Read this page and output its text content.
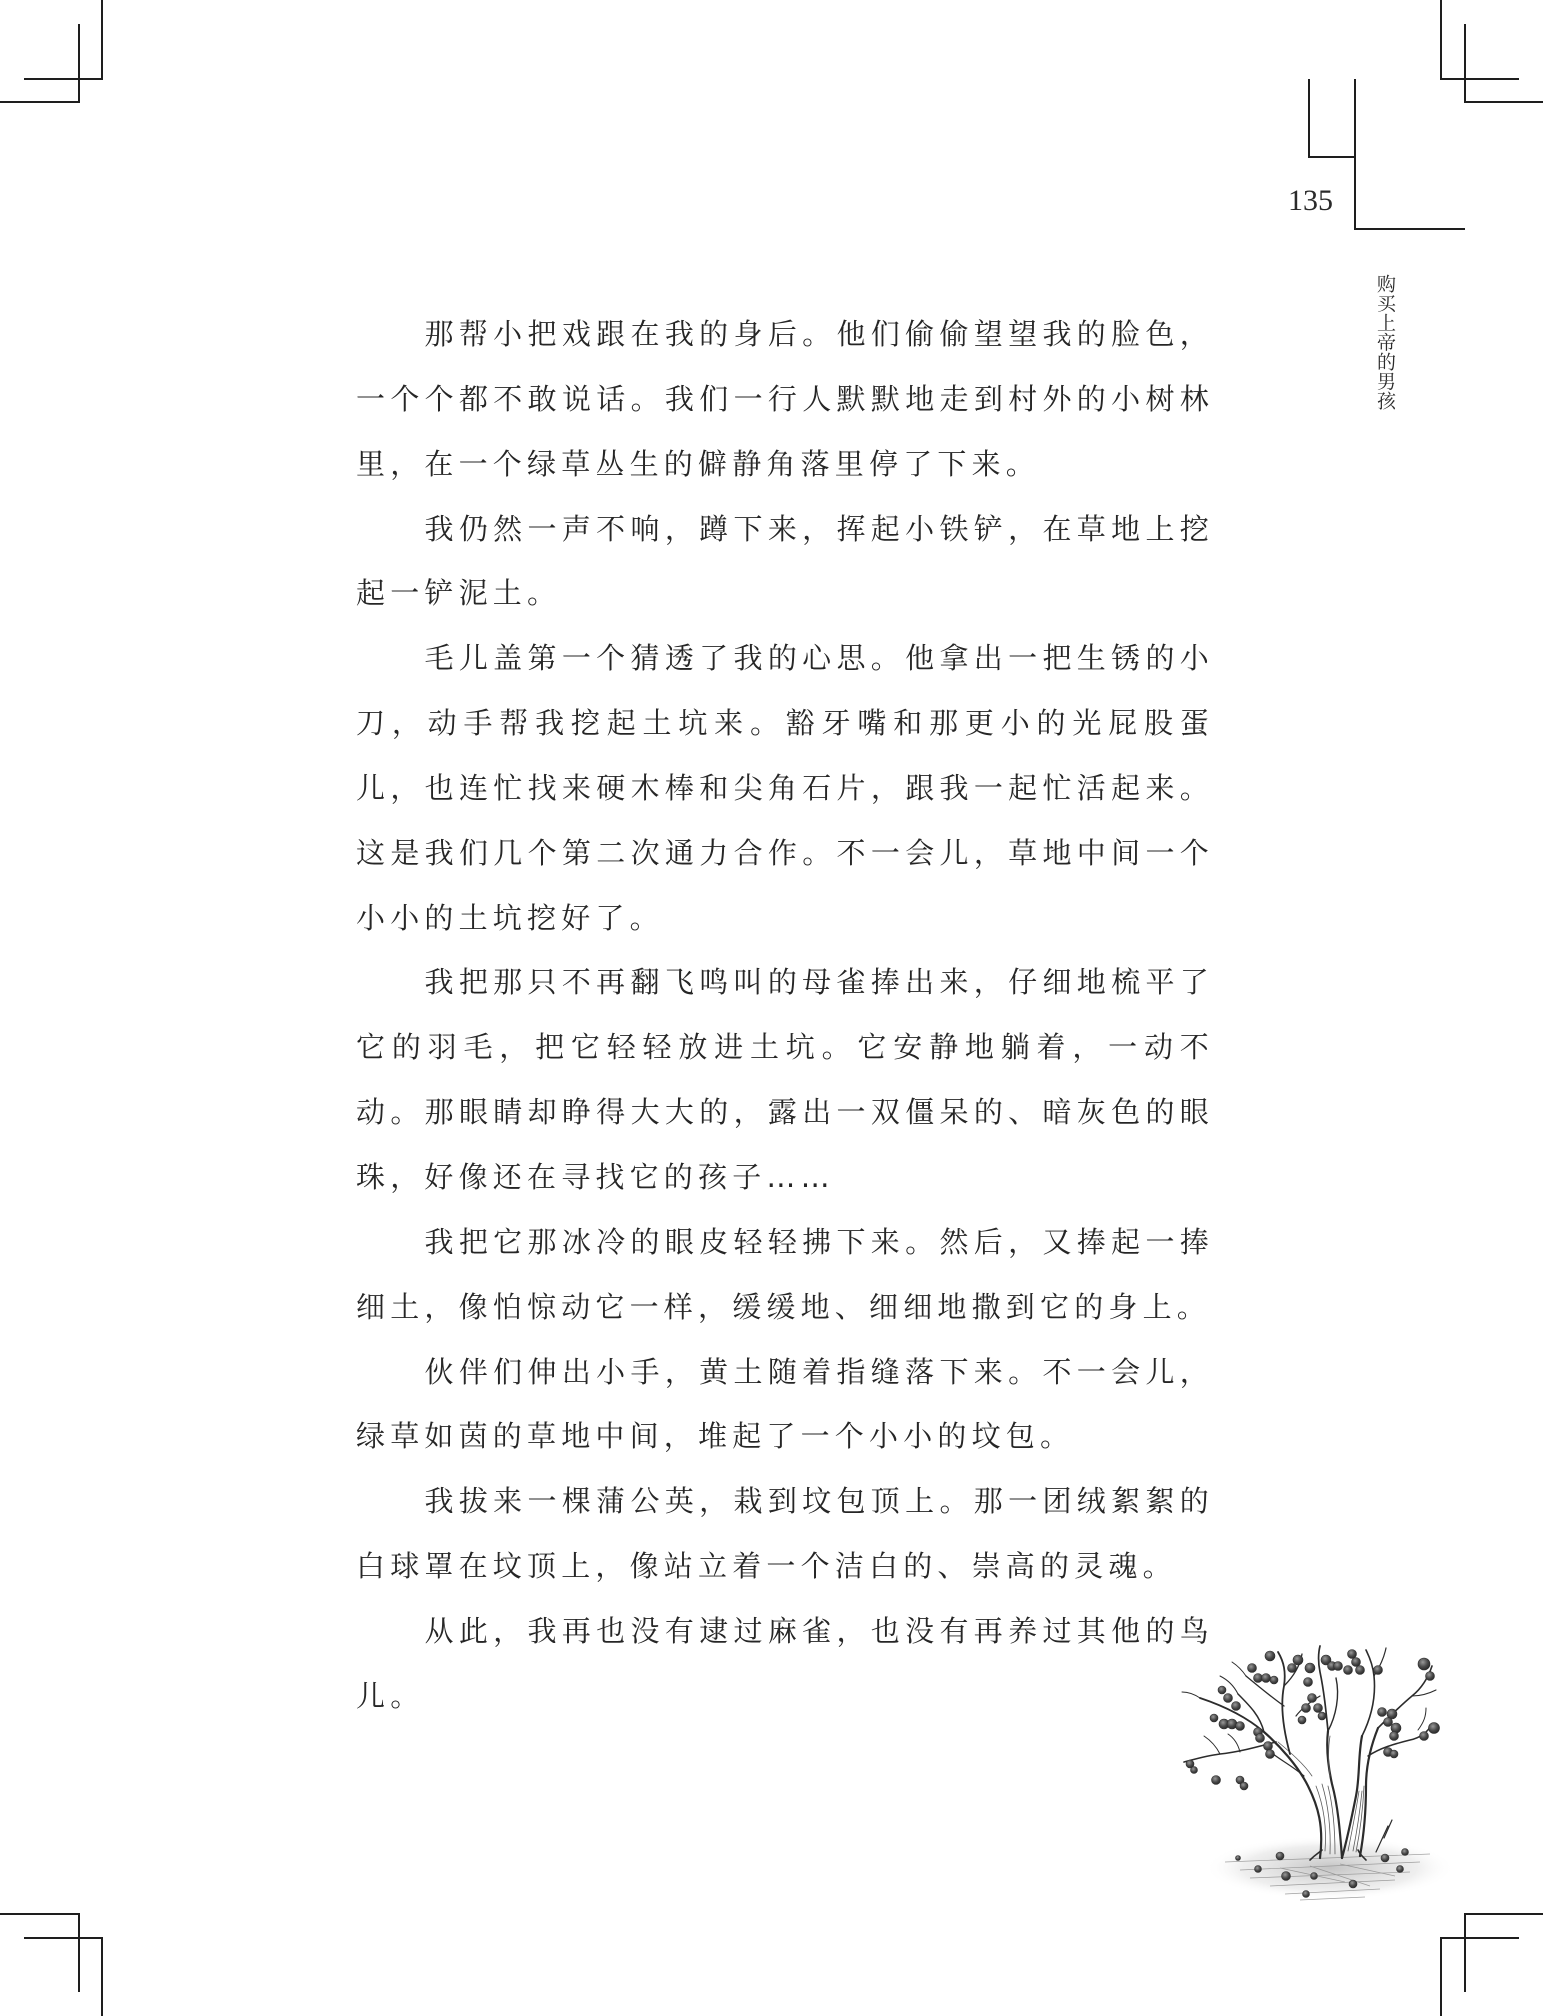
135
购买上帝的男孩

那帮小把戏跟在我的身后。他们偷偷望望我的脸色，一个个都不敢说话。我们一行人默默地走到村外的小树林里，在一个绿草丛生的僻静角落里停了下来。

我仍然一声不响，蹲下来，挥起小铁铲，在草地上挖起一铲泥土。

毛儿盖第一个猜透了我的心思。他拿出一把生锈的小刀，动手帮我挖起土坑来。豁牙嘴和那更小的光屁股蛋儿，也连忙找来硬木棒和尖角石片，跟我一起忙活起来。这是我们几个第二次通力合作。不一会儿，草地中间一个小小的土坑挖好了。

我把那只不再翻飞鸣叫的母雀捧出来，仔细地梳平了它的羽毛，把它轻轻放进土坑。它安静地躺着，一动不动。那眼睛却睁得大大的，露出一双僵呆的、暗灰色的眼珠，好像还在寻找它的孩子……

我把它那冰冷的眼皮轻轻拂下来。然后，又捧起一捧细土，像怕惊动它一样，缓缓地、细细地撒到它的身上。

伙伴们伸出小手，黄土随着指缝落下来。不一会儿，绿草如茵的草地中间，堆起了一个小小的坟包。

我拔来一棵蒲公英，栽到坟包顶上。那一团绒絮絮的白球罩在坟顶上，像站立着一个洁白的、崇高的灵魂。

从此，我再也没有逮过麻雀，也没有再养过其他的鸟儿。
